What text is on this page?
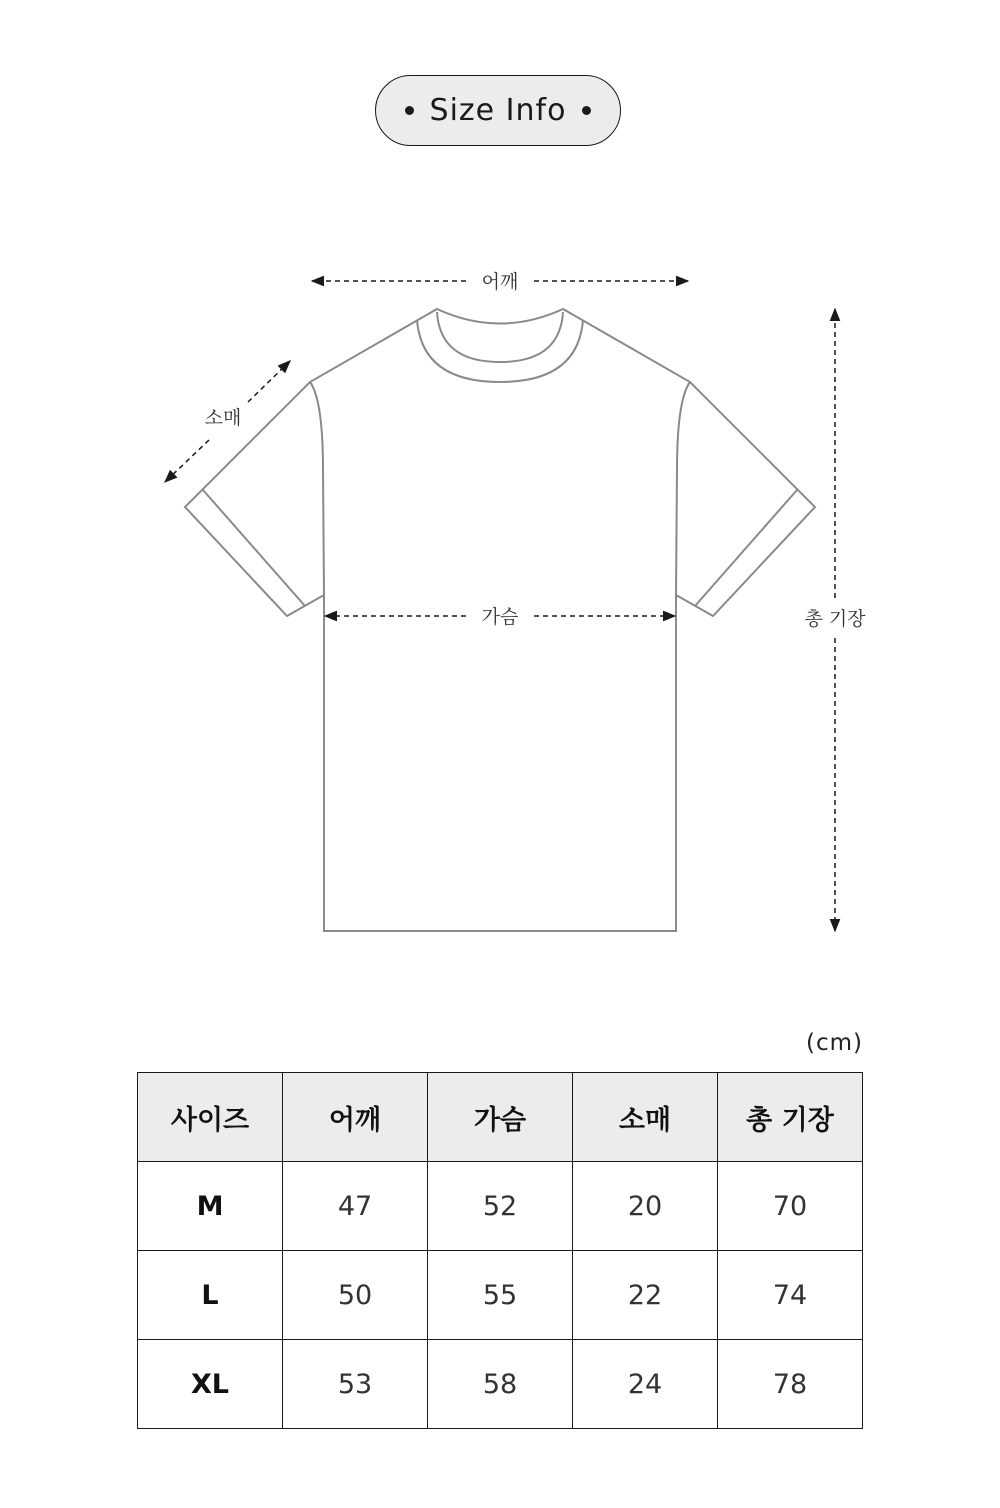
Size Info
어깨
가슴
소매
총 기장
(cm)
사이즈	어깨	가슴	소매	총 기장
M	47	52	20	70
L	50	55	22	74
XL	53	58	24	78
